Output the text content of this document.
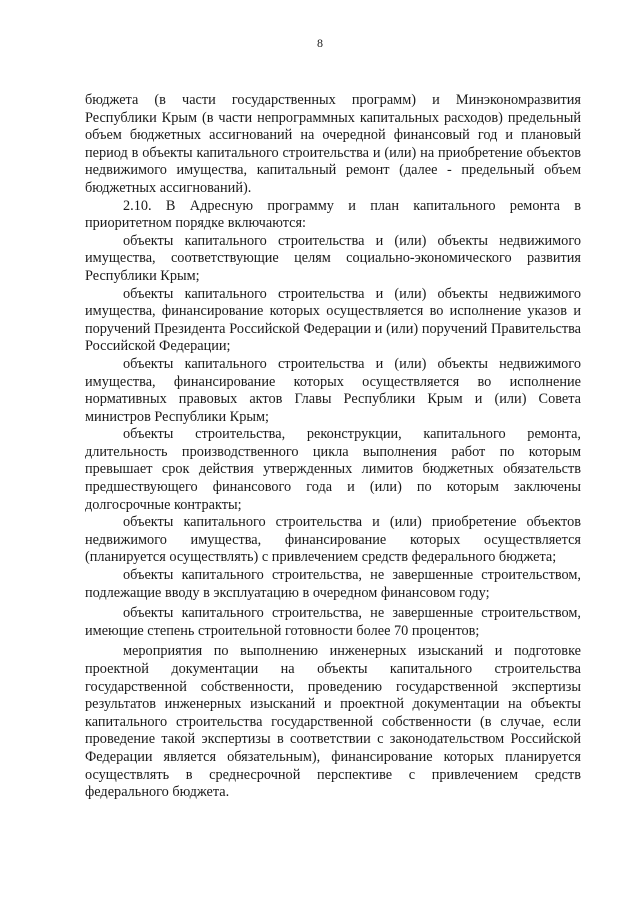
8

бюджета (в части государственных программ) и Минэкономразвития Республики Крым (в части непрограммных капитальных расходов) предельный объем бюджетных ассигнований на очередной финансовый год и плановый период в объекты капитального строительства и (или) на приобретение объектов недвижимого имущества, капитальный ремонт (далее - предельный объем бюджетных ассигнований).

2.10. В Адресную программу и план капитального ремонта в приоритетном порядке включаются:

объекты капитального строительства и (или) объекты недвижимого имущества, соответствующие целям социально-экономического развития Республики Крым;

объекты капитального строительства и (или) объекты недвижимого имущества, финансирование которых осуществляется во исполнение указов и поручений Президента Российской Федерации и (или) поручений Правительства Российской Федерации;

объекты капитального строительства и (или) объекты недвижимого имущества, финансирование которых осуществляется во исполнение нормативных правовых актов Главы Республики Крым и (или) Совета министров Республики Крым;

объекты строительства, реконструкции, капитального ремонта, длительность производственного цикла выполнения работ по которым превышает срок действия утвержденных лимитов бюджетных обязательств предшествующего финансового года и (или) по которым заключены долгосрочные контракты;

объекты капитального строительства и (или) приобретение объектов недвижимого имущества, финансирование которых осуществляется (планируется осуществлять) с привлечением средств федерального бюджета;

объекты капитального строительства, не завершенные строительством, подлежащие вводу в эксплуатацию в очередном финансовом году;

объекты капитального строительства, не завершенные строительством, имеющие степень строительной готовности более 70 процентов;

мероприятия по выполнению инженерных изысканий и подготовке проектной документации на объекты капитального строительства государственной собственности, проведению государственной экспертизы результатов инженерных изысканий и проектной документации на объекты капитального строительства государственной собственности (в случае, если проведение такой экспертизы в соответствии с законодательством Российской Федерации является обязательным), финансирование которых планируется осуществлять в среднесрочной перспективе с привлечением средств федерального бюджета.
